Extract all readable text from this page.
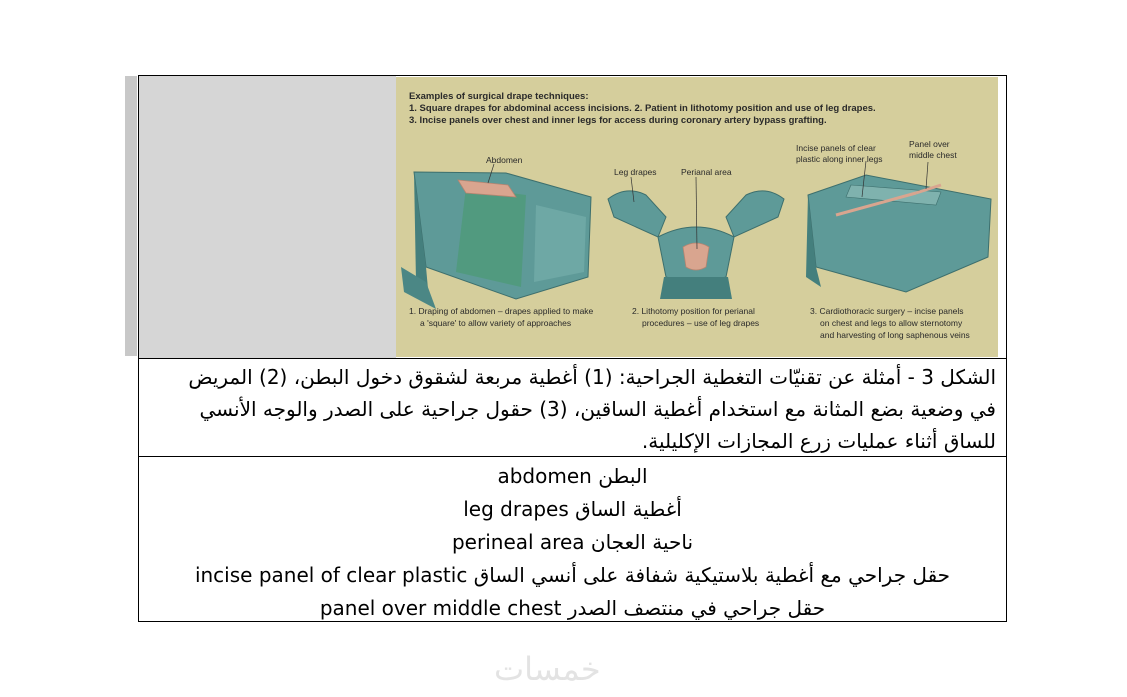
Examples of surgical drape techniques:
1. Square drapes for abdominal access incisions. 2. Patient in lithotomy position and use of leg drapes.
3. Incise panels over chest and inner legs for access during coronary artery bypass grafting.
Abdomen
Leg drapes	Perianal area
Incise panels of clear
plastic along inner legs
Panel over
middle chest
1. Draping of abdomen – drapes applied to make
a 'square' to allow variety of approaches
2. Lithotomy position for perianal
procedures – use of leg drapes
3. Cardiothoracic surgery – incise panels
on chest and legs to allow sternotomy
and harvesting of long saphenous veins
الشكل 3 - أمثلة عن تقنيّات التغطية الجراحية: (1) أغطية مربعة لشقوق دخول البطن، (2) المريض
في وضعية بضع المثانة مع استخدام أغطية الساقين، (3) حقول جراحية على الصدر والوجه الأنسي
للساق أثناء عمليات زرع المجازات الإكليلية.
abdomen البطن
leg drapes أغطية الساق
perineal area ناحية العجان
incise panel of clear plastic حقل جراحي مع أغطية بلاستيكية شفافة على أنسي الساق
panel over middle chest حقل جراحي في منتصف الصدر
خمسات
